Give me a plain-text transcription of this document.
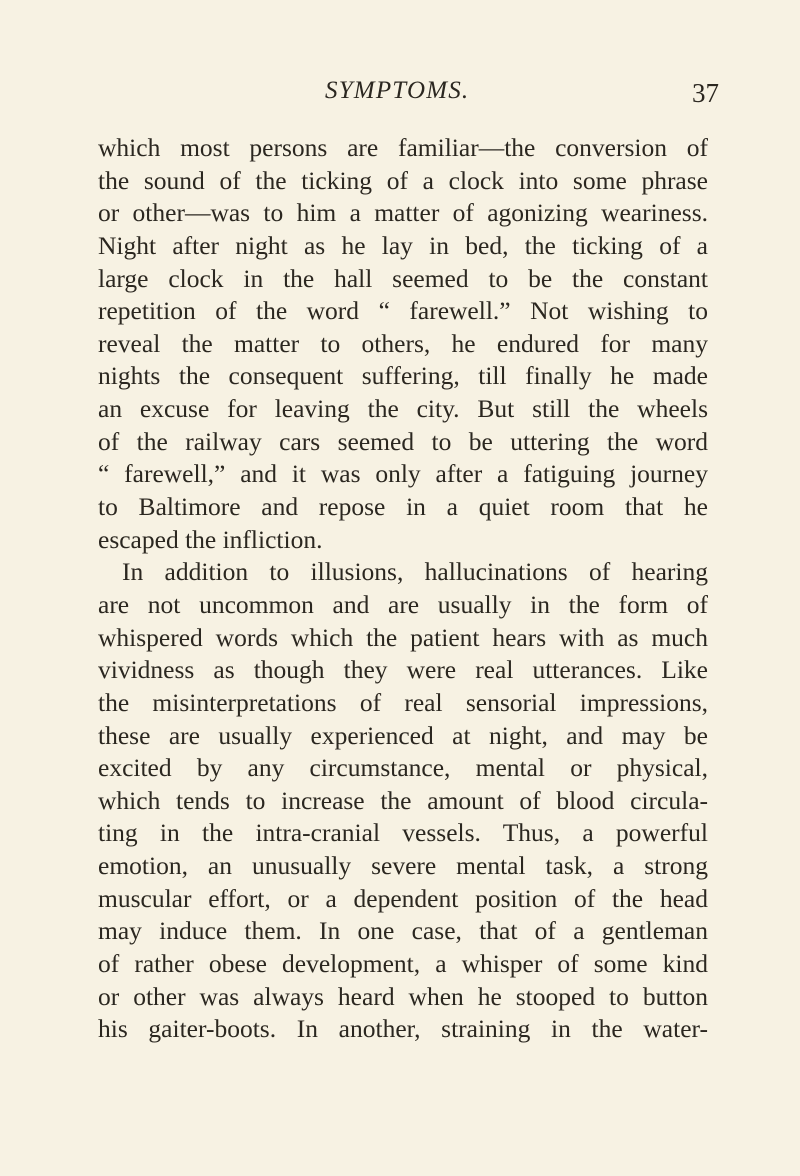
SYMPTOMS.	37
which most persons are familiar—the conversion of
the sound of the ticking of a clock into some phrase
or other—was to him a matter of agonizing weariness.
Night after night as he lay in bed, the ticking of a
large clock in the hall seemed to be the constant
repetition of the word “ farewell.” Not wishing to
reveal the matter to others, he endured for many
nights the consequent suffering, till finally he made
an excuse for leaving the city. But still the wheels
of the railway cars seemed to be uttering the word
“ farewell,” and it was only after a fatiguing journey
to Baltimore and repose in a quiet room that he
escaped the infliction.
In addition to illusions, hallucinations of hearing
are not uncommon and are usually in the form of
whispered words which the patient hears with as much
vividness as though they were real utterances. Like
the misinterpretations of real sensorial impressions,
these are usually experienced at night, and may be
excited by any circumstance, mental or physical,
which tends to increase the amount of blood circula-
ting in the intra-cranial vessels. Thus, a powerful
emotion, an unusually severe mental task, a strong
muscular effort, or a dependent position of the head
may induce them. In one case, that of a gentleman
of rather obese development, a whisper of some kind
or other was always heard when he stooped to button
his gaiter-boots. In another, straining in the water-
